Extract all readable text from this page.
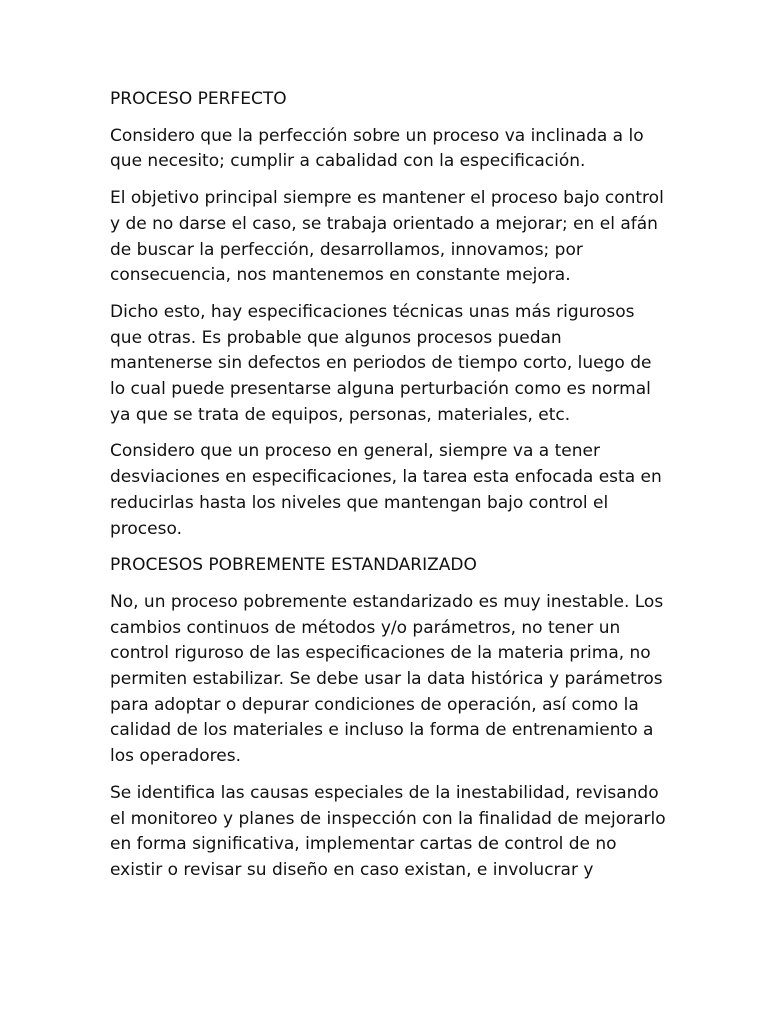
PROCESO PERFECTO

Considero que la perfección sobre un proceso va inclinada a lo que necesito; cumplir a cabalidad con la especificación.

El objetivo principal siempre es mantener el proceso bajo control y de no darse el caso, se trabaja orientado a mejorar; en el afán de buscar la perfección, desarrollamos, innovamos; por consecuencia, nos mantenemos en constante mejora.

Dicho esto, hay especificaciones técnicas unas más rigurosos que otras. Es probable que algunos procesos puedan mantenerse sin defectos en periodos de tiempo corto, luego de lo cual puede presentarse alguna perturbación como es normal ya que se trata de equipos, personas, materiales, etc.

Considero que un proceso en general, siempre va a tener desviaciones en especificaciones, la tarea esta enfocada esta en reducirlas hasta los niveles que mantengan bajo control el proceso.

PROCESOS POBREMENTE ESTANDARIZADO

No, un proceso pobremente estandarizado es muy inestable. Los cambios continuos de métodos y/o parámetros, no tener un control riguroso de las especificaciones de la materia prima, no permiten estabilizar. Se debe usar la data histórica y parámetros para adoptar o depurar condiciones de operación, así como la calidad de los materiales e incluso la forma de entrenamiento a los operadores.

Se identifica las causas especiales de la inestabilidad, revisando el monitoreo y planes de inspección con la finalidad de mejorarlo en forma significativa, implementar cartas de control de no existir o revisar su diseño en caso existan, e involucrar y
